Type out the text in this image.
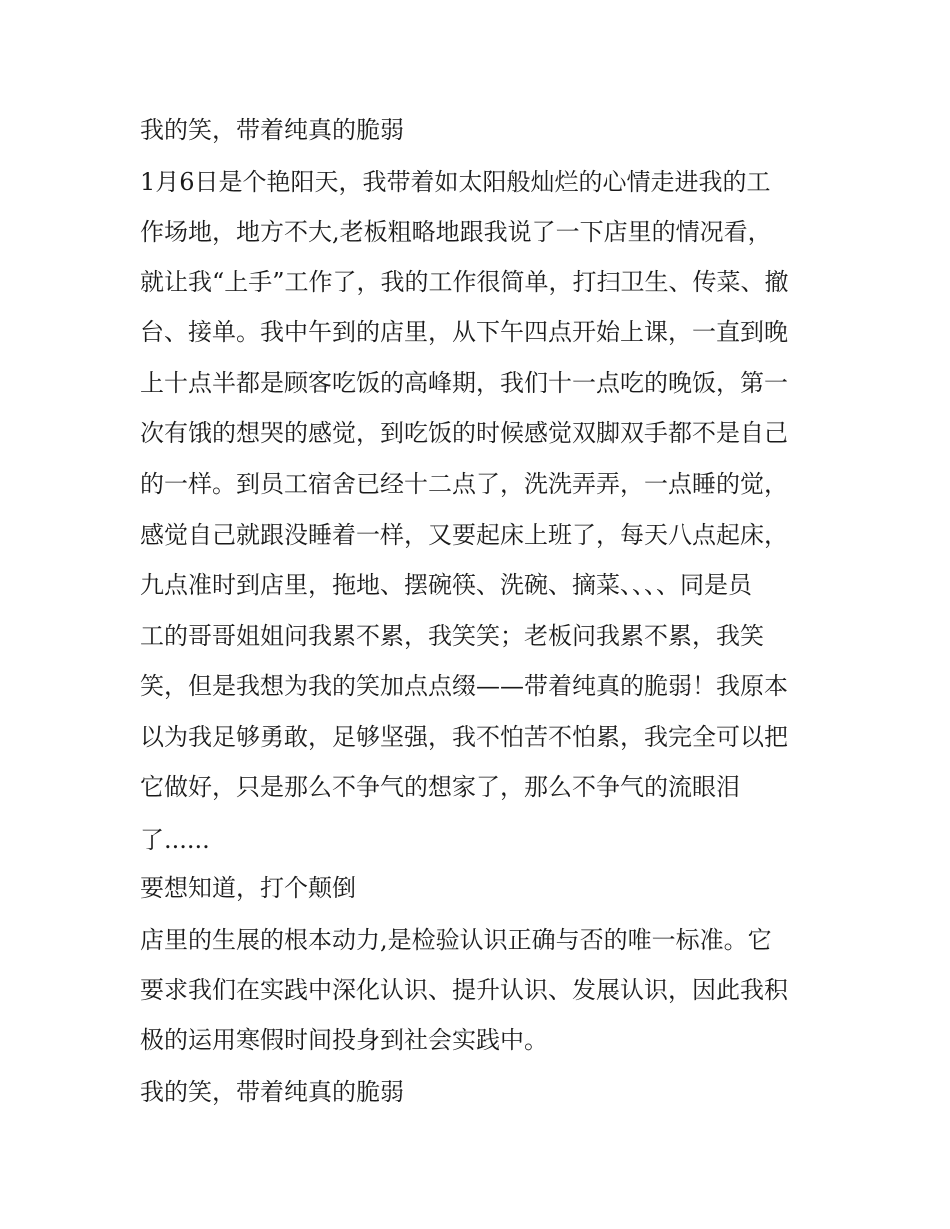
我的笑，带着纯真的脆弱

1月6日是个艳阳天，我带着如太阳般灿烂的心情走进我的工

作场地，地方不大,老板粗略地跟我说了一下店里的情况看，

就让我“上手”工作了，我的工作很简单，打扫卫生、传菜、撤

台、接单。我中午到的店里，从下午四点开始上课，一直到晚

上十点半都是顾客吃饭的高峰期，我们十一点吃的晚饭，第一

次有饿的想哭的感觉，到吃饭的时候感觉双脚双手都不是自己

的一样。到员工宿舍已经十二点了，洗洗弄弄，一点睡的觉，

感觉自己就跟没睡着一样，又要起床上班了，每天八点起床，

九点准时到店里，拖地、摆碗筷、洗碗、摘菜、、、、同是员

工的哥哥姐姐问我累不累，我笑笑；老板问我累不累，我笑

笑，但是我想为我的笑加点点缀——带着纯真的脆弱！我原本

以为我足够勇敢，足够坚强，我不怕苦不怕累，我完全可以把

它做好，只是那么不争气的想家了，那么不争气的流眼泪

了......

要想知道，打个颠倒

店里的生展的根本动力,是检验认识正确与否的唯一标准。它

要求我们在实践中深化认识、提升认识、发展认识，因此我积

极的运用寒假时间投身到社会实践中。

我的笑，带着纯真的脆弱
